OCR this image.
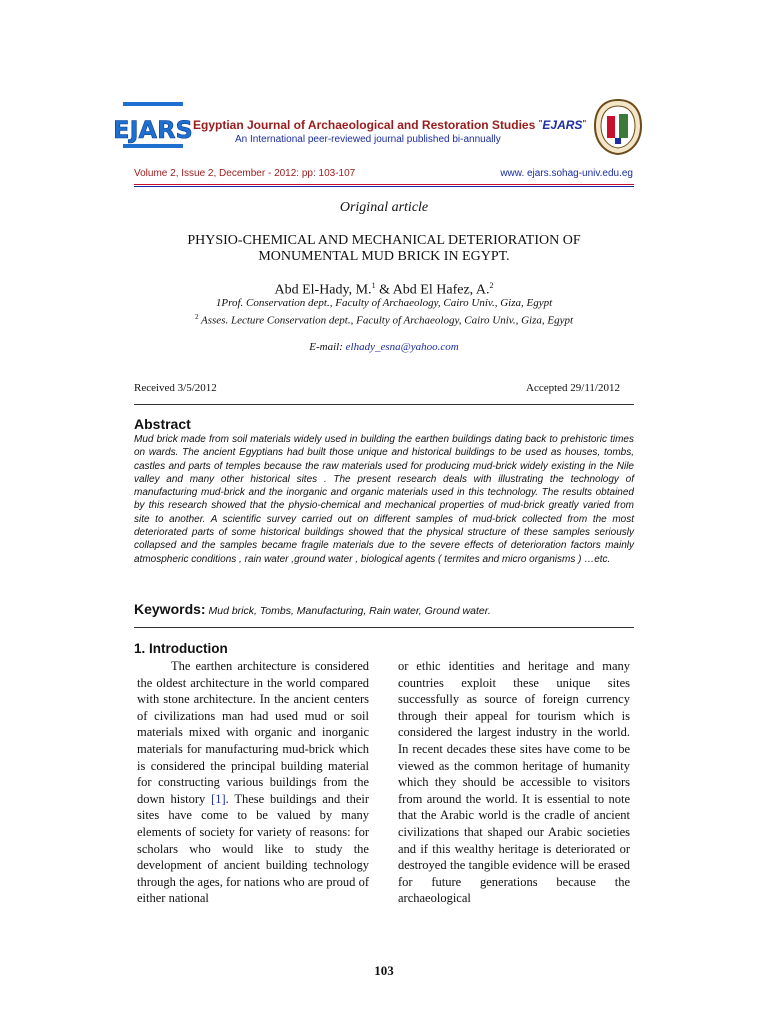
EJARS Egyptian Journal of Archaeological and Restoration Studies "EJARS"
An International peer-reviewed journal published bi-annually
Volume 2, Issue 2, December - 2012: pp: 103-107	www. ejars.sohag-univ.edu.eg
Original article
PHYSIO-CHEMICAL AND MECHANICAL DETERIORATION OF
MONUMENTAL MUD BRICK IN EGYPT.
Abd El-Hady, M.$^1$ & Abd El Hafez, A.$^2$
1Prof. Conservation dept., Faculty of Archaeology, Cairo Univ., Giza, Egypt
$^2$ Asses. Lecture Conservation dept., Faculty of Archaeology, Cairo Univ., Giza, Egypt
E-mail: elhady_esna@yahoo.com
Received 3/5/2012	Accepted 29/11/2012
Abstract
Mud brick made from soil materials widely used in building the earthen buildings dating back to prehistoric times on wards. The ancient Egyptians had built those unique and historical buildings to be used as houses, tombs, castles and parts of temples because the raw materials used for producing mud-brick widely existing in the Nile valley and many other historical sites . The present research deals with illustrating the technology of manufacturing mud-brick and the inorganic and organic materials used in this technology. The results obtained by this research showed that the physio-chemical and mechanical properties of mud-brick greatly varied from site to another. A scientific survey carried out on different samples of mud-brick collected from the most deteriorated parts of some historical buildings showed that the physical structure of these samples seriously collapsed and the samples became fragile materials due to the severe effects of deterioration factors mainly atmospheric conditions , rain water ,ground water , biological agents ( termites and micro organisms ) …etc.
Keywords: Mud brick, Tombs, Manufacturing, Rain water, Ground water.
1. Introduction
The earthen architecture is considered the oldest architecture in the world compared with stone architecture. In the ancient centers of civilizations man had used mud or soil materials mixed with organic and inorganic materials for manufacturing mud-brick which is considered the principal building material for constructing various buildings from the down history [1]. These buildings and their sites have come to be valued by many elements of society for variety of reasons: for scholars who would like to study the development of ancient building technology through the ages, for nations who are proud of either national
or ethic identities and heritage and many countries exploit these unique sites successfully as source of foreign currency through their appeal for tourism which is considered the largest industry in the world. In recent decades these sites have come to be viewed as the common heritage of humanity which they should be accessible to visitors from around the world. It is essential to note that the Arabic world is the cradle of ancient civilizations that shaped our Arabic societies and if this wealthy heritage is deteriorated or destroyed the tangible evidence will be erased for future generations because the archaeological
103
